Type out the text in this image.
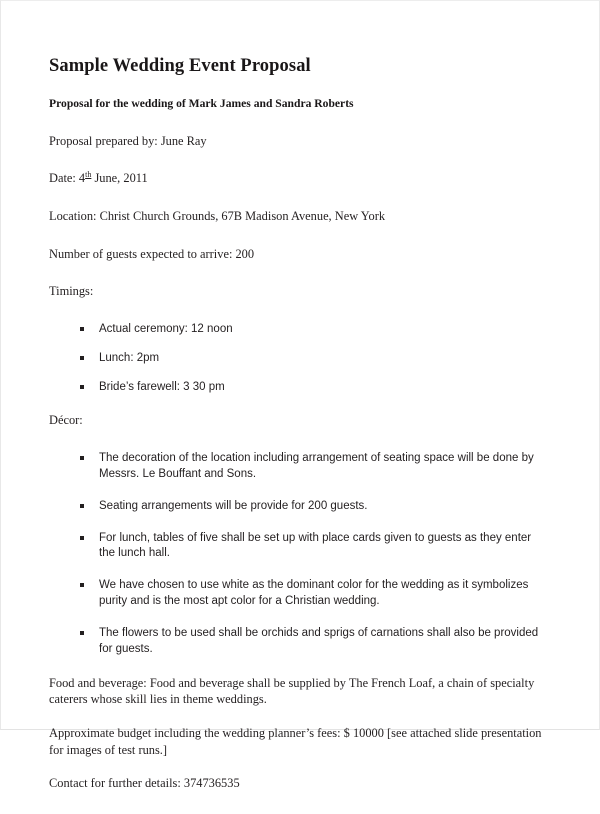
Sample Wedding Event Proposal
Proposal for the wedding of Mark James and Sandra Roberts

Proposal prepared by: June Ray

Date: 4th June, 2011

Location: Christ Church Grounds, 67B Madison Avenue, New York

Number of guests expected to arrive: 200

Timings:

Actual ceremony: 12 noon
Lunch: 2pm
Bride’s farewell: 3 30 pm

Décor:

The decoration of the location including arrangement of seating space will be done by Messrs. Le Bouffant and Sons.
Seating arrangements will be provide for 200 guests.
For lunch, tables of five shall be set up with place cards given to guests as they enter the lunch hall.
We have chosen to use white as the dominant color for the wedding as it symbolizes purity and is the most apt color for a Christian wedding.
The flowers to be used shall be orchids and sprigs of carnations shall also be provided for guests.

Food and beverage: Food and beverage shall be supplied by The French Loaf, a chain of specialty caterers whose skill lies in theme weddings.

Approximate budget including the wedding planner’s fees: $ 10000 [see attached slide presentation for images of test runs.]

Contact for further details: 374736535
